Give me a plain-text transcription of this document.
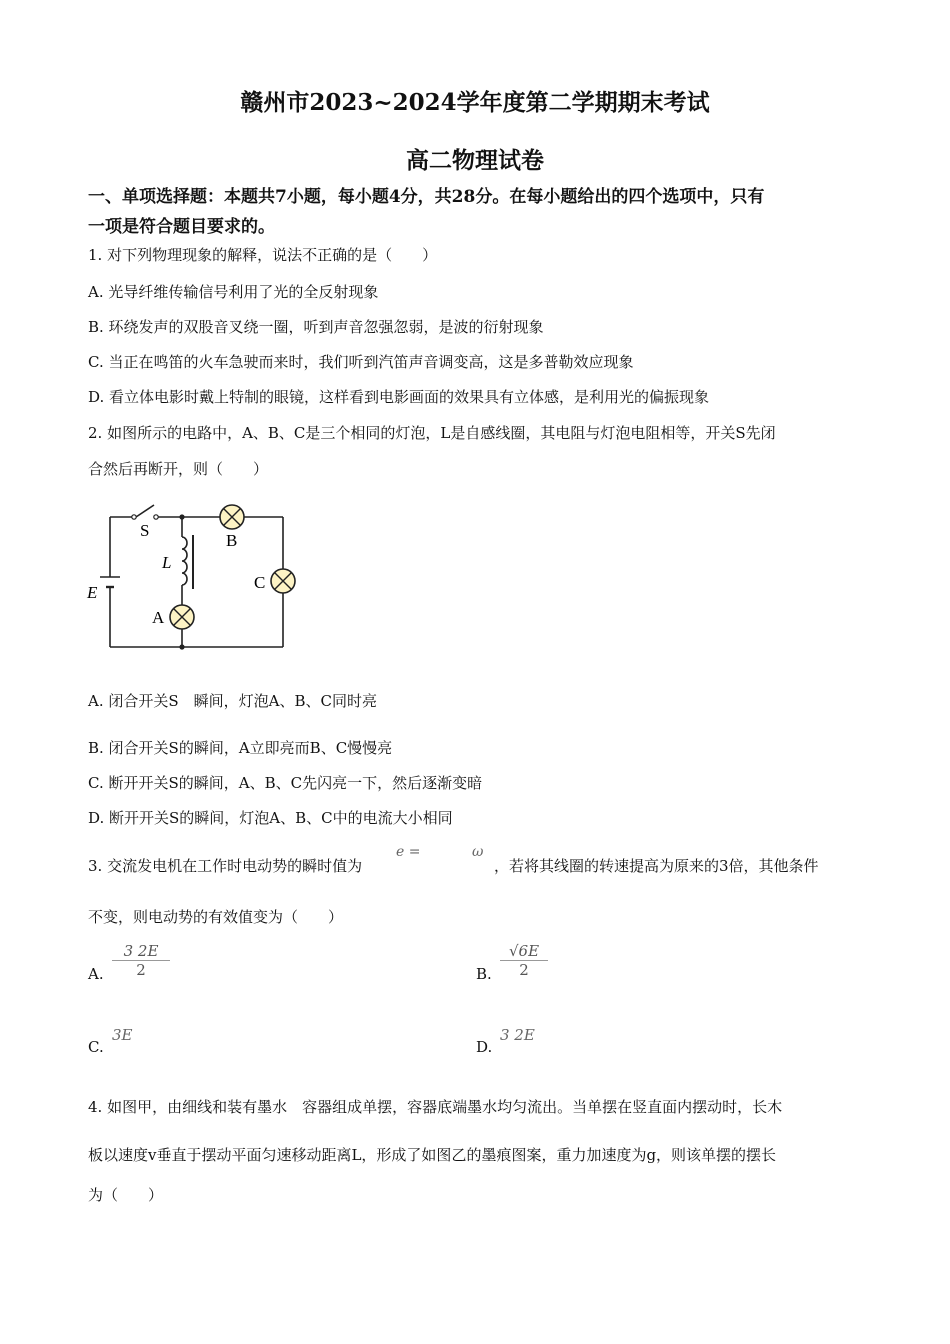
赣州市2023~2024学年度第二学期期末考试
高二物理试卷
一、单项选择题：本题共7小题，每小题4分，共28分。在每小题给出的四个选项中，只有
一项是符合题目要求的。
1. 对下列物理现象的解释，说法不正确的是（　　）
A. 光导纤维传输信号利用了光的全反射现象
B. 环绕发声的双股音叉绕一圈，听到声音忽强忽弱，是波的衍射现象
C. 当正在鸣笛的火车急驶而来时，我们听到汽笛声音调变高，这是多普勒效应现象
D. 看立体电影时戴上特制的眼镜，这样看到电影画面的效果具有立体感，是利用光的偏振现象
2. 如图所示的电路中，A、B、C是三个相同的灯泡，L是自感线圈，其电阻与灯泡电阻相等，开关S先闭
合然后再断开，则（　　）
S
L
E
B
C
A
A. 闭合开关S　瞬间，灯泡A、B、C同时亮
B. 闭合开关S的瞬间，A立即亮而B、C慢慢亮
C. 断开开关S的瞬间，A、B、C先闪亮一下，然后逐渐变暗
D. 断开开关S的瞬间，灯泡A、B、C中的电流大小相同
3. 交流发电机在工作时电动势的瞬时值为
e =	ω
，若将其线圈的转速提高为原来的3倍，其他条件
不变，则电动势的有效值变为（　　）
A.
3 2E
2	B.
√6E
2
C.
3E
D.
3 2E
4. 如图甲，由细线和装有墨水　容器组成单摆，容器底端墨水均匀流出。当单摆在竖直面内摆动时，长木
板以速度v垂直于摆动平面匀速移动距离L，形成了如图乙的墨痕图案，重力加速度为g，则该单摆的摆长
为（　　）
